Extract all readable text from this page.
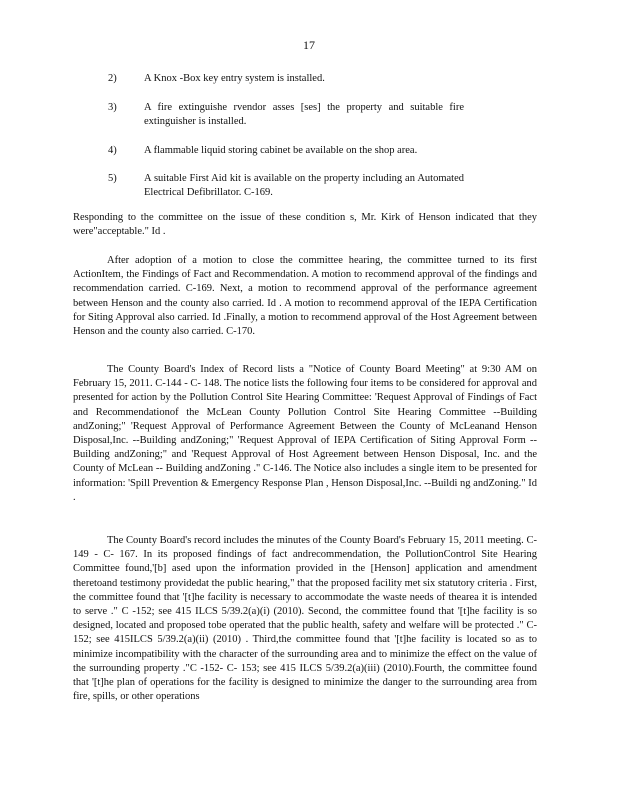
17
2)	A Knox -Box key entry system is installed.
3)	A fire extinguishe rvendor asses [ses] the property and suitable fire extinguisher is installed.
4)	A flammable liquid storing cabinet be available on the shop area.
5)	A suitable First Aid kit is available on the property including an Automated Electrical Defibrillator. C-169.

Responding to the committee on the issue of these condition s, Mr. Kirk of Henson indicated that they were"acceptable." Id .

After adoption of a motion to close the committee hearing, the committee turned to its first ActionItem, the Findings of Fact and Recommendation. A motion to recommend approval of the findings and recommendation carried. C-169. Next, a motion to recommend approval of the performance agreement between Henson and the county also carried. Id . A motion to recommend approval of the IEPA Certification for Siting Approval also carried. Id .Finally, a motion to recommend approval of the Host Agreement between Henson and the county also carried. C-170.

The County Board's Index of Record lists a "Notice of County Board Meeting" at 9:30 AM on February 15, 2011. C-144 - C- 148. The notice lists the following four items to be considered for approval and presented for action by the Pollution Control Site Hearing Committee: 'Request Approval of Findings of Fact and Recommendationof the McLean County Pollution Control Site Hearing Committee --Building andZoning;" 'Request Approval of Performance Agreement Between the County of McLeanand Henson Disposal,Inc. --Building andZoning;" 'Request Approval of IEPA Certification of Siting Approval Form --Building andZoning;" and 'Request Approval of Host Agreement between Henson Disposal, Inc. and the County of McLean -- Building andZoning ." C-146. The Notice also includes a single item to be presented for information: 'Spill Prevention & Emergency Response Plan , Henson Disposal,Inc. --Buildi ng andZoning." Id .

The County Board's record includes the minutes of the County Board's February 15, 2011 meeting. C-149 - C- 167. In its proposed findings of fact andrecommendation, the PollutionControl Site Hearing Committee found,'[b] ased upon the information provided in the [Henson] application and amendment theretoand testimony providedat the public hearing," that the proposed facility met six statutory criteria . First, the committee found that '[t]he facility is necessary to accommodate the waste needs of thearea it is intended to serve ." C -152; see 415 ILCS 5/39.2(a)(i) (2010). Second, the committee found that '[t]he facility is so designed, located and proposed tobe operated that the public health, safety and welfare will be protected ." C-152; see 415ILCS 5/39.2(a)(ii) (2010) . Third,the committee found that '[t]he facility is located so as to minimize incompatibility with the character of the surrounding area and to minimize the effect on the value of the surrounding property ."C -152- C- 153; see 415 ILCS 5/39.2(a)(iii) (2010).Fourth, the committee found that '[t]he plan of operations for the facility is designed to minimize the danger to the surrounding area from fire, spills, or other operations
